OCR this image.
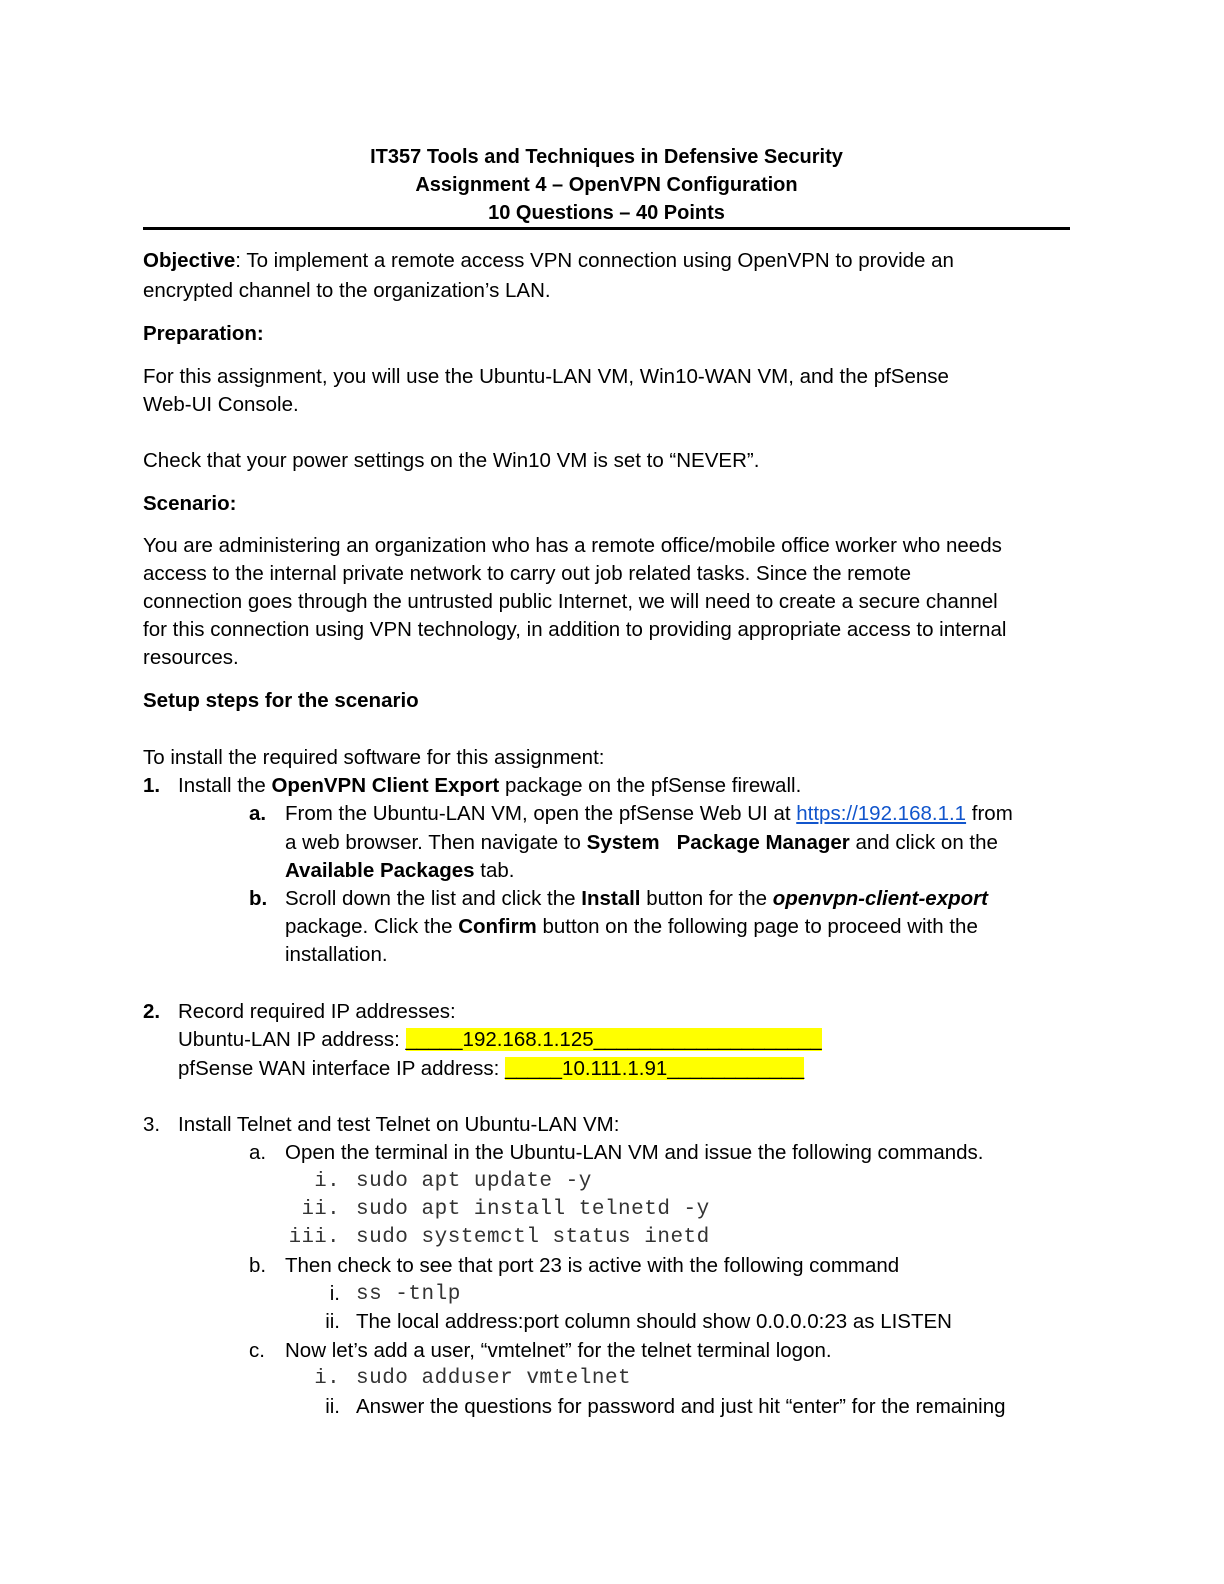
IT357 Tools and Techniques in Defensive Security
Assignment 4 – OpenVPN Configuration
10 Questions – 40 Points
Objective: To implement a remote access VPN connection using OpenVPN to provide an
encrypted channel to the organization’s LAN.
Preparation:
For this assignment, you will use the Ubuntu-LAN VM, Win10-WAN VM, and the pfSense
Web-UI Console.
Check that your power settings on the Win10 VM is set to “NEVER”.
Scenario:
You are administering an organization who has a remote office/mobile office worker who needs
access to the internal private network to carry out job related tasks. Since the remote
connection goes through the untrusted public Internet, we will need to create a secure channel
for this connection using VPN technology, in addition to providing appropriate access to internal
resources.
Setup steps for the scenario
To install the required software for this assignment:
1. Install the OpenVPN Client Export package on the pfSense firewall.
a. From the Ubuntu-LAN VM, open the pfSense Web UI at https://192.168.1.1 from
a web browser. Then navigate to System Package Manager and click on the
Available Packages tab.
b. Scroll down the list and click the Install button for the openvpn-client-export
package. Click the Confirm button on the following page to proceed with the
installation.
2. Record required IP addresses:
Ubuntu-LAN IP address: _____192.168.1.125____________________
pfSense WAN interface IP address: _____10.111.1.91____________
3. Install Telnet and test Telnet on Ubuntu-LAN VM:
a. Open the terminal in the Ubuntu-LAN VM and issue the following commands.
i. sudo apt update -y
ii. sudo apt install telnetd -y
iii. sudo systemctl status inetd
b. Then check to see that port 23 is active with the following command
i. ss -tnlp
ii. The local address:port column should show 0.0.0.0:23 as LISTEN
c. Now let’s add a user, “vmtelnet” for the telnet terminal logon.
i. sudo adduser vmtelnet
ii. Answer the questions for password and just hit “enter” for the remaining
